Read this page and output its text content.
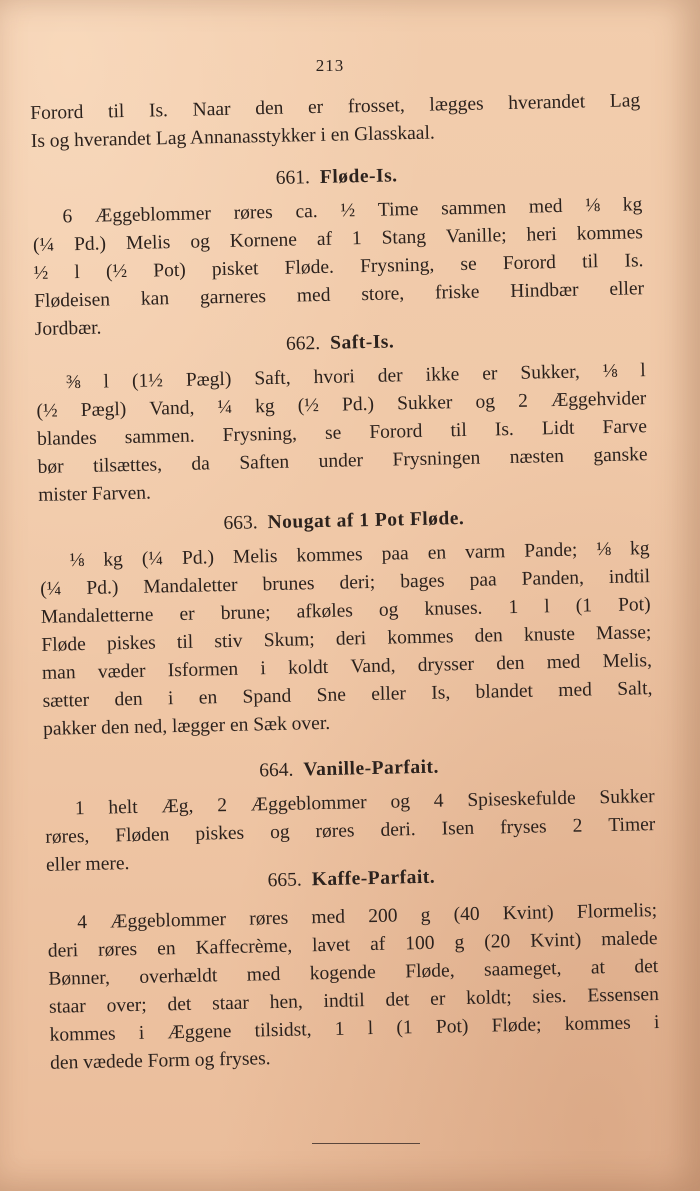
213
Forord til Is. Naar den er frosset, lægges hverandet Lag
Is og hverandet Lag Annanasstykker i en Glasskaal.
661. Fløde-Is.
6 Æggeblommer røres ca. ½ Time sammen med ⅛ kg
(¼ Pd.) Melis og Kornene af 1 Stang Vanille; heri kommes
½ l (½ Pot) pisket Fløde. Frysning, se Forord til Is.
Flødeisen kan garneres med store, friske Hindbær eller
Jordbær.
662. Saft-Is.
⅜ l (1½ Pægl) Saft, hvori der ikke er Sukker, ⅛ l
(½ Pægl) Vand, ¼ kg (½ Pd.) Sukker og 2 Æggehvider
blandes sammen. Frysning, se Forord til Is. Lidt Farve
bør tilsættes, da Saften under Frysningen næsten ganske
mister Farven.
663. Nougat af 1 Pot Fløde.
⅛ kg (¼ Pd.) Melis kommes paa en varm Pande; ⅛ kg
(¼ Pd.) Mandaletter brunes deri; bages paa Panden, indtil
Mandaletterne er brune; afkøles og knuses. 1 l (1 Pot)
Fløde piskes til stiv Skum; deri kommes den knuste Masse;
man væder Isformen i koldt Vand, drysser den med Melis,
sætter den i en Spand Sne eller Is, blandet med Salt,
pakker den ned, lægger en Sæk over.
664. Vanille-Parfait.
1 helt Æg, 2 Æggeblommer og 4 Spiseskefulde Sukker
røres, Fløden piskes og røres deri. Isen fryses 2 Timer
eller mere.
665. Kaffe-Parfait.
4 Æggeblommer røres med 200 g (40 Kvint) Flormelis;
deri røres en Kaffecrème, lavet af 100 g (20 Kvint) malede
Bønner, overhældt med kogende Fløde, saameget, at det
staar over; det staar hen, indtil det er koldt; sies. Essensen
kommes i Æggene tilsidst, 1 l (1 Pot) Fløde; kommes i
den vædede Form og fryses.
